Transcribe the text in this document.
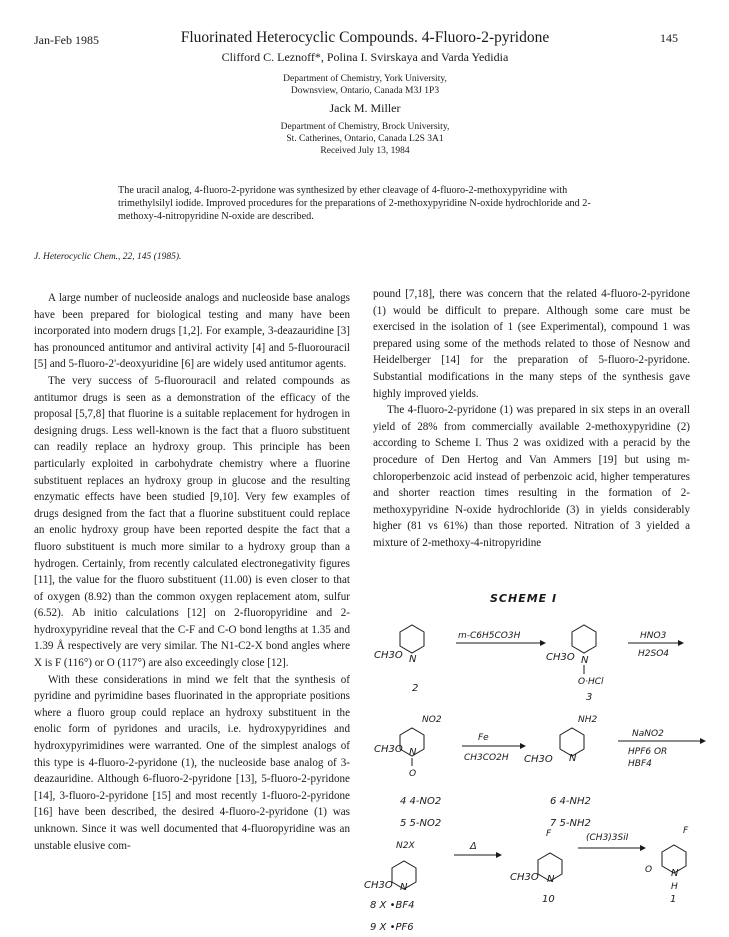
Jan-Feb 1985	Fluorinated Heterocyclic Compounds. 4-Fluoro-2-pyridone	145
Clifford C. Leznoff*, Polina I. Svirskaya and Varda Yedidia
Department of Chemistry, York University,
Downsview, Ontario, Canada M3J 1P3
Jack M. Miller
Department of Chemistry, Brock University,
St. Catherines, Ontario, Canada L2S 3A1
Received July 13, 1984
The uracil analog, 4-fluoro-2-pyridone was synthesized by ether cleavage of 4-fluoro-2-methoxypyridine with trimethylsilyl iodide. Improved procedures for the preparations of 2-methoxypyridine N-oxide hydrochloride and 2-methoxy-4-nitropyridine N-oxide are described.
J. Heterocyclic Chem., 22, 145 (1985).

A large number of nucleoside analogs and nucleoside base analogs have been prepared for biological testing and many have been incorporated into modern drugs [1,2]. For example, 3-deazauridine [3] has pronounced antitumor and antiviral activity [4] and 5-fluorouracil [5] and 5-fluoro-2'-deoxyuridine [6] are widely used antitumor agents.

The very success of 5-fluorouracil and related compounds as antitumor drugs is seen as a demonstration of the efficacy of the proposal [5,7,8] that fluorine is a suitable replacement for hydrogen in designing drugs. Less well-known is the fact that a fluoro substituent can readily replace an hydroxy group. This principle has been particularly exploited in carbohydrate chemistry where a fluorine substituent replaces an hydroxy group in glucose and the resulting enzymatic effects have been studied [9,10]. Very few examples of drugs designed from the fact that a fluorine substituent could replace an enolic hydroxy group have been reported despite the fact that a fluoro substituent is much more similar to a hydroxy group than a hydrogen. Certainly, from recently calculated electronegativity figures [11], the value for the fluoro substituent (11.00) is even closer to that of oxygen (8.92) than the common oxygen replacement atom, sulfur (6.52). Ab initio calculations [12] on 2-fluoropyridine and 2-hydroxypyridine reveal that the C-F and C-O bond lengths at 1.35 and 1.39 Å respectively are very similar. The N1-C2-X bond angles where X is F (116°) or O (117°) are also exceedingly close [12].

With these considerations in mind we felt that the synthesis of pyridine and pyrimidine bases fluorinated in the appropriate positions where a fluoro group could replace an hydroxy substituent in the enolic form of pyridones and uracils, i.e. hydroxypyridines and hydroxypyrimidines were warranted. One of the simplest analogs of this type is 4-fluoro-2-pyridone (1), the nucleoside base analog of 3-deazauridine. Although 6-fluoro-2-pyridone [13], 5-fluoro-2-pyridone [14], 3-fluoro-2-pyridone [15] and most recently 1-fluoro-2-pyridone [16] have been described, the desired 4-fluoro-2-pyridone (1) was unknown. Since it was well documented that 4-fluoropyridine was an unstable elusive com-

pound [7,18], there was concern that the related 4-fluoro-2-pyridone (1) would be difficult to prepare. Although some care must be exercised in the isolation of 1 (see Experimental), compound 1 was prepared using some of the methods related to those of Nesnow and Heidelberger [14] for the preparation of 5-fluoro-2-pyridone. Substantial modifications in the many steps of the synthesis gave highly improved yields.

The 4-fluoro-2-pyridone (1) was prepared in six steps in an overall yield of 28% from commercially available 2-methoxypyridine (2) according to Scheme I. Thus 2 was oxidized with a peracid by the procedure of Den Hertog and Van Ammers [19] but using m-chloroperbenzoic acid instead of perbenzoic acid, higher temperatures and shorter reaction times resulting in the formation of 2-methoxypyridine N-oxide hydrochloride (3) in yields considerably higher (81 vs 61%) than those reported. Nitration of 3 yielded a mixture of 2-methoxy-4-nitropyridine

SCHEME I
CH3O N
2
m-C6H5CO3H
CH3O N
O·HCl
3
HNO3
H2SO4
NO2
CH3O N
O
4 4-NO2
5 5-NO2
Fe
CH3CO2H
NH2
CH3O N
6 4-NH2
7 5-NH2
NaNO2
HPF6 OR
HBF4
N2X
CH3O N
8 X •BF4
9 X •PF6
Δ
F
CH3O N
10
(CH3)3SiI
F
O N
H
1
